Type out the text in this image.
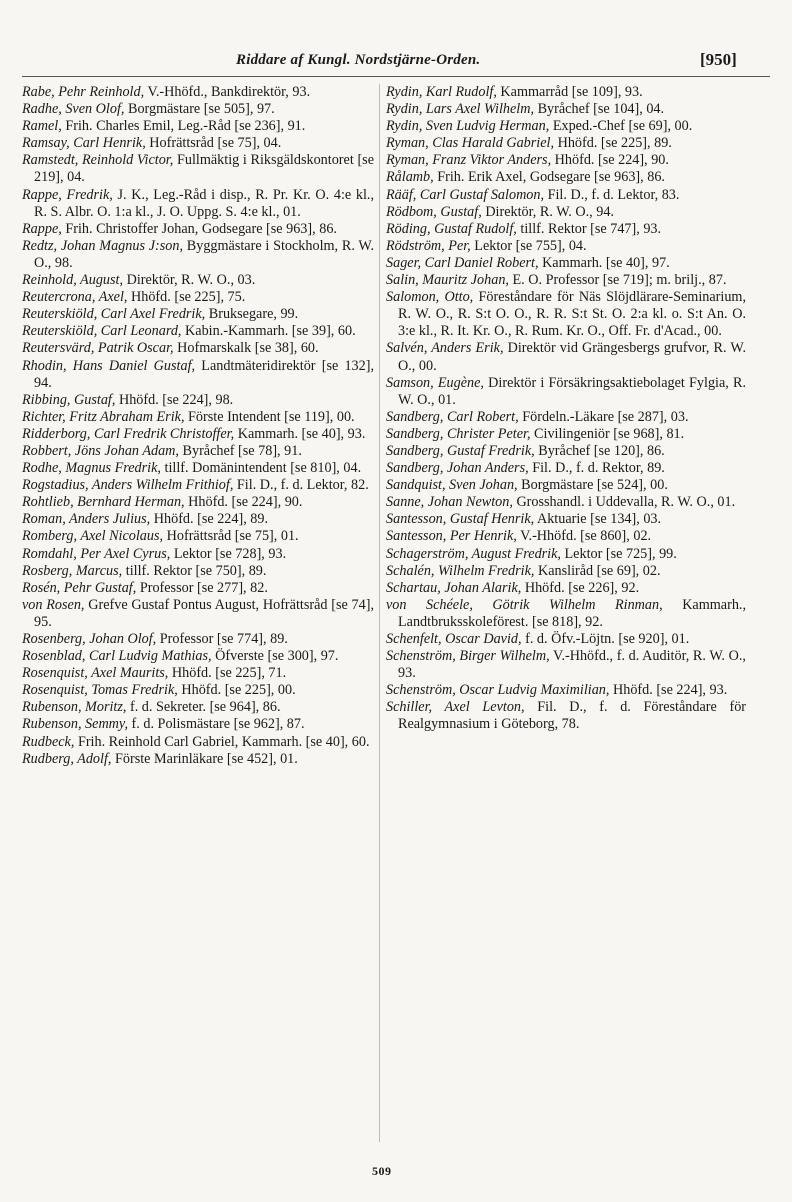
Riddare af Kungl. Nordstjärne-Orden.	[950]
Rabe, Pehr Reinhold, V.-Hhöfd., Bankdirektör, 93.
Radhe, Sven Olof, Borgmästare [se 505], 97.
Ramel, Frih. Charles Emil, Leg.-Råd [se 236], 91.
Ramsay, Carl Henrik, Hofrättsråd [se 75], 04.
Ramstedt, Reinhold Victor, Fullmäktig i Riksgäldskontoret [se 219], 04.
Rappe, Fredrik, J. K., Leg.-Råd i disp., R. Pr. Kr. O. 4:e kl., R. S. Albr. O. 1:a kl., J. O. Uppg. S. 4:e kl., 01.
Rappe, Frih. Christoffer Johan, Godsegare [se 963], 86.
Redtz, Johan Magnus J:son, Byggmästare i Stockholm, R. W. O., 98.
Reinhold, August, Direktör, R. W. O., 03.
Reutercrona, Axel, Hhöfd. [se 225], 75.
Reuterskiöld, Carl Axel Fredrik, Bruksegare, 99.
Reuterskiöld, Carl Leonard, Kabin.-Kammarh. [se 39], 60.
Reutersvärd, Patrik Oscar, Hofmarskalk [se 38], 60.
Rhodin, Hans Daniel Gustaf, Landtmäteridirektör [se 132], 94.
Ribbing, Gustaf, Hhöfd. [se 224], 98.
Richter, Fritz Abraham Erik, Förste Intendent [se 119], 00.
Ridderborg, Carl Fredrik Christoffer, Kammarh. [se 40], 93.
Robbert, Jöns Johan Adam, Byråchef [se 78], 91.
Rodhe, Magnus Fredrik, tillf. Domänintendent [se 810], 04.
Rogstadius, Anders Wilhelm Frithiof, Fil. D., f. d. Lektor, 82.
Rohtlieb, Bernhard Herman, Hhöfd. [se 224], 90.
Roman, Anders Julius, Hhöfd. [se 224], 89.
Romberg, Axel Nicolaus, Hofrättsråd [se 75], 01.
Romdahl, Per Axel Cyrus, Lektor [se 728], 93.
Rosberg, Marcus, tillf. Rektor [se 750], 89.
Rosén, Pehr Gustaf, Professor [se 277], 82.
von Rosen, Grefve Gustaf Pontus August, Hofrättsråd [se 74], 95.
Rosenberg, Johan Olof, Professor [se 774], 89.
Rosenblad, Carl Ludvig Mathias, Öfverste [se 300], 97.
Rosenquist, Axel Maurits, Hhöfd. [se 225], 71.
Rosenquist, Tomas Fredrik, Hhöfd. [se 225], 00.
Rubenson, Moritz, f. d. Sekreter. [se 964], 86.
Rubenson, Semmy, f. d. Polismästare [se 962], 87.
Rudbeck, Frih. Reinhold Carl Gabriel, Kammarh. [se 40], 60.
Rudberg, Adolf, Förste Marinläkare [se 452], 01.
Rydin, Karl Rudolf, Kammarråd [se 109], 93.
Rydin, Lars Axel Wilhelm, Byråchef [se 104], 04.
Rydin, Sven Ludvig Herman, Exped.-Chef [se 69], 00.
Ryman, Clas Harald Gabriel, Hhöfd. [se 225], 89.
Ryman, Franz Viktor Anders, Hhöfd. [se 224], 90.
Rålamb, Frih. Erik Axel, Godsegare [se 963], 86.
Rääf, Carl Gustaf Salomon, Fil. D., f. d. Lektor, 83.
Rödbom, Gustaf, Direktör, R. W. O., 94.
Röding, Gustaf Rudolf, tillf. Rektor [se 747], 93.
Rödström, Per, Lektor [se 755], 04.
Sager, Carl Daniel Robert, Kammarh. [se 40], 97.
Salin, Mauritz Johan, E. O. Professor [se 719]; m. brilj., 87.
Salomon, Otto, Föreståndare för Näs Slöjdlärare-Seminarium, R. W. O., R. S:t O. O., R. R. S:t St. O. 2:a kl. o. S:t An. O. 3:e kl., R. It. Kr. O., R. Rum. Kr. O., Off. Fr. d'Acad., 00.
Salvén, Anders Erik, Direktör vid Grängesbergs grufvor, R. W. O., 00.
Samson, Eugène, Direktör i Försäkringsaktiebolaget Fylgia, R. W. O., 01.
Sandberg, Carl Robert, Fördeln.-Läkare [se 287], 03.
Sandberg, Christer Peter, Civilingeniör [se 968], 81.
Sandberg, Gustaf Fredrik, Byråchef [se 120], 86.
Sandberg, Johan Anders, Fil. D., f. d. Rektor, 89.
Sandquist, Sven Johan, Borgmästare [se 524], 00.
Sanne, Johan Newton, Grosshandl. i Uddevalla, R. W. O., 01.
Santesson, Gustaf Henrik, Aktuarie [se 134], 03.
Santesson, Per Henrik, V.-Hhöfd. [se 860], 02.
Schagerström, August Fredrik, Lektor [se 725], 99.
Schalén, Wilhelm Fredrik, Kanslіråd [se 69], 02.
Schartau, Johan Alarik, Hhöfd. [se 226], 92.
von Schéele, Götrik Wilhelm Rinman, Kammarh., Landtbruksskoleförest. [se 818], 92.
Schenfelt, Oscar David, f. d. Öfv.-Löjtn. [se 920], 01.
Schenström, Birger Wilhelm, V.-Hhöfd., f. d. Auditör, R. W. O., 93.
Schenström, Oscar Ludvig Maximilian, Hhöfd. [se 224], 93.
Schiller, Axel Levton, Fil. D., f. d. Föreståndare för Realgymnasium i Göteborg, 78.
509
